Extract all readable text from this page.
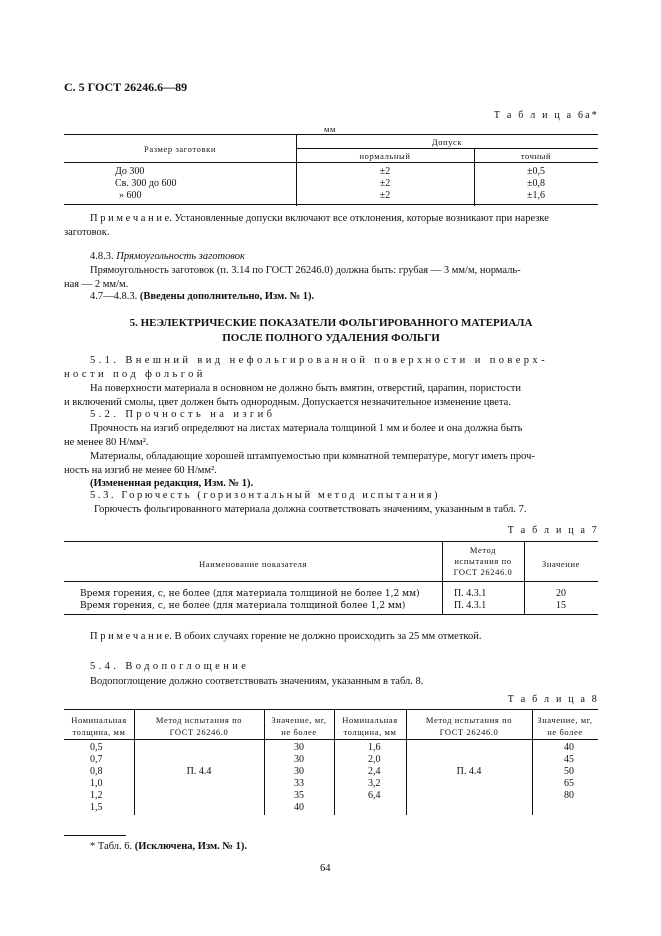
С. 5 ГОСТ 26246.6—89
Т а б л и ц а 6а*
мм
Размер заготовки
Допуск
нормальный	точный
До 300
Св. 300 до 600
» 600
±2
±2
±2
±0,5
±0,8
±1,6
П р и м е ч а н и е. Установленные допуски включают все отклонения, которые возникают при нарезке
заготовок.
4.8.3. Прямоугольность заготовок
Прямоугольность заготовок (п. 3.14 по ГОСТ 26246.0) должна быть: грубая — 3 мм/м, нормаль-
ная — 2 мм/м.
4.7—4.8.3. (Введены дополнительно, Изм. № 1).
5. НЕЭЛЕКТРИЧЕСКИЕ ПОКАЗАТЕЛИ ФОЛЬГИРОВАННОГО МАТЕРИАЛА
ПОСЛЕ ПОЛНОГО УДАЛЕНИЯ ФОЛЬГИ
5.1. Внешний вид нефольгированной поверхности и поверх-
ности под фольгой
На поверхности материала в основном не должно быть вмятин, отверстий, царапин, пористости
и включений смолы, цвет должен быть однородным. Допускается незначительное изменение цвета.
5.2. Прочность на изгиб
Прочность на изгиб определяют на листах материала толщиной 1 мм и более и она должна быть
не менее 80 Н/мм².
Материалы, обладающие хорошей штампуемостью при комнатной температуре, могут иметь проч-
ность на изгиб не менее 60 Н/мм².
(Измененная редакция, Изм. № 1).
5.3. Горючесть (горизонтальный метод испытания)
Горючесть фольгированного материала должна соответствовать значениям, указанным в табл. 7.
Т а б л и ц а 7
Наименование показателя
Метод
испытания по
ГОСТ 26246.0
Значение
Время горения, с, не более (для материала толщиной не более 1,2 мм)
Время горения, с, не более (для материала толщиной более 1,2 мм)
П. 4.3.1
П. 4.3.1
20
15
П р и м е ч а н и е. В обоих случаях горение не должно происходить за 25 мм отметкой.
5.4. Водопоглощение
Водопоглощение должно соответствовать значениям, указанным в табл. 8.
Т а б л и ц а 8
Номинальная
толщина, мм
Метод испытания по
ГОСТ 26246.0
Значение, мг,
не более
Номинальная
толщина, мм
Метод испытания по
ГОСТ 26246.0
Значение, мг,
не более
0,5
0,7
0,8
1,0
1,2
1,5
П. 4.4
30
30
30
33
35
40
1,6
2,0
2,4
3,2
6,4
П. 4.4
40
45
50
65
80
* Табл. 6. (Исключена, Изм. № 1).
64
